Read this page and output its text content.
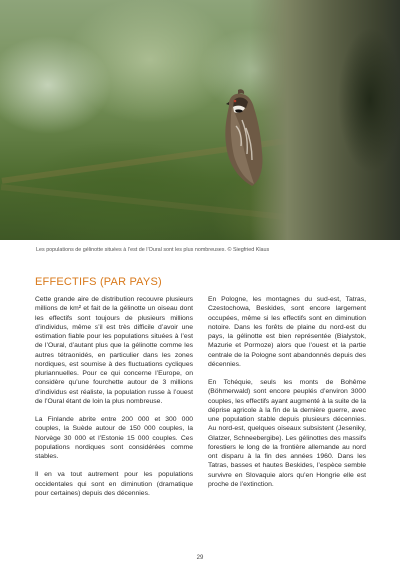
Les populations de gélinotte situées à l’est de l’Oural sont les plus nombreuses. © Siegfried Klaus
EFFECTIFS (PAR PAYS)

Cette grande aire de distribution recouvre plusieurs millions de km² et fait de la gélinotte un oiseau dont les effectifs sont toujours de plusieurs millions d’individus, même s’il est très difficile d’avoir une estimation fiable pour les populations situées à l’est de l’Oural, d’autant plus que la gélinotte comme les autres tétraonidés, en particulier dans les zones nordiques, est soumise à des fluctuations cycliques pluriannuelles. Pour ce qui concerne l’Europe, on considère qu’une fourchette autour de 3 millions d’individus est réaliste, la population russe à l’ouest de l’Oural étant de loin la plus nombreuse.

La Finlande abrite entre 200 000 et 300 000 couples, la Suède autour de 150 000 couples, la Norvège 30 000 et l’Estonie 15 000 couples. Ces populations nordiques sont considérées comme stables.

Il en va tout autrement pour les populations occidentales qui sont en diminution (dramatique pour certaines) depuis des décennies.

En Pologne, les montagnes du sud-est, Tatras, Czestochowa, Beskides, sont encore largement occupées, même si les effectifs sont en diminution notoire. Dans les forêts de plaine du nord-est du pays, la gélinotte est bien représentée (Bialystok, Mazurie et Pormoze) alors que l’ouest et la partie centrale de la Pologne sont abandonnés depuis des décennies.

En Tchéquie, seuls les monts de Bohême (Böhmerwald) sont encore peuplés d’environ 3000 couples, les effectifs ayant augmenté à la suite de la déprise agricole à la fin de la dernière guerre, avec une population stable depuis plusieurs décennies. Au nord-est, quelques oiseaux subsistent (Jeseniky, Glatzer, Schneebergibe). Les gélinottes des massifs forestiers le long de la frontière allemande au nord ont disparu à la fin des années 1960. Dans les Tatras, basses et hautes Beskides, l’espèce semble survivre en Slovaquie alors qu’en Hongrie elle est proche de l’extinction.

29
